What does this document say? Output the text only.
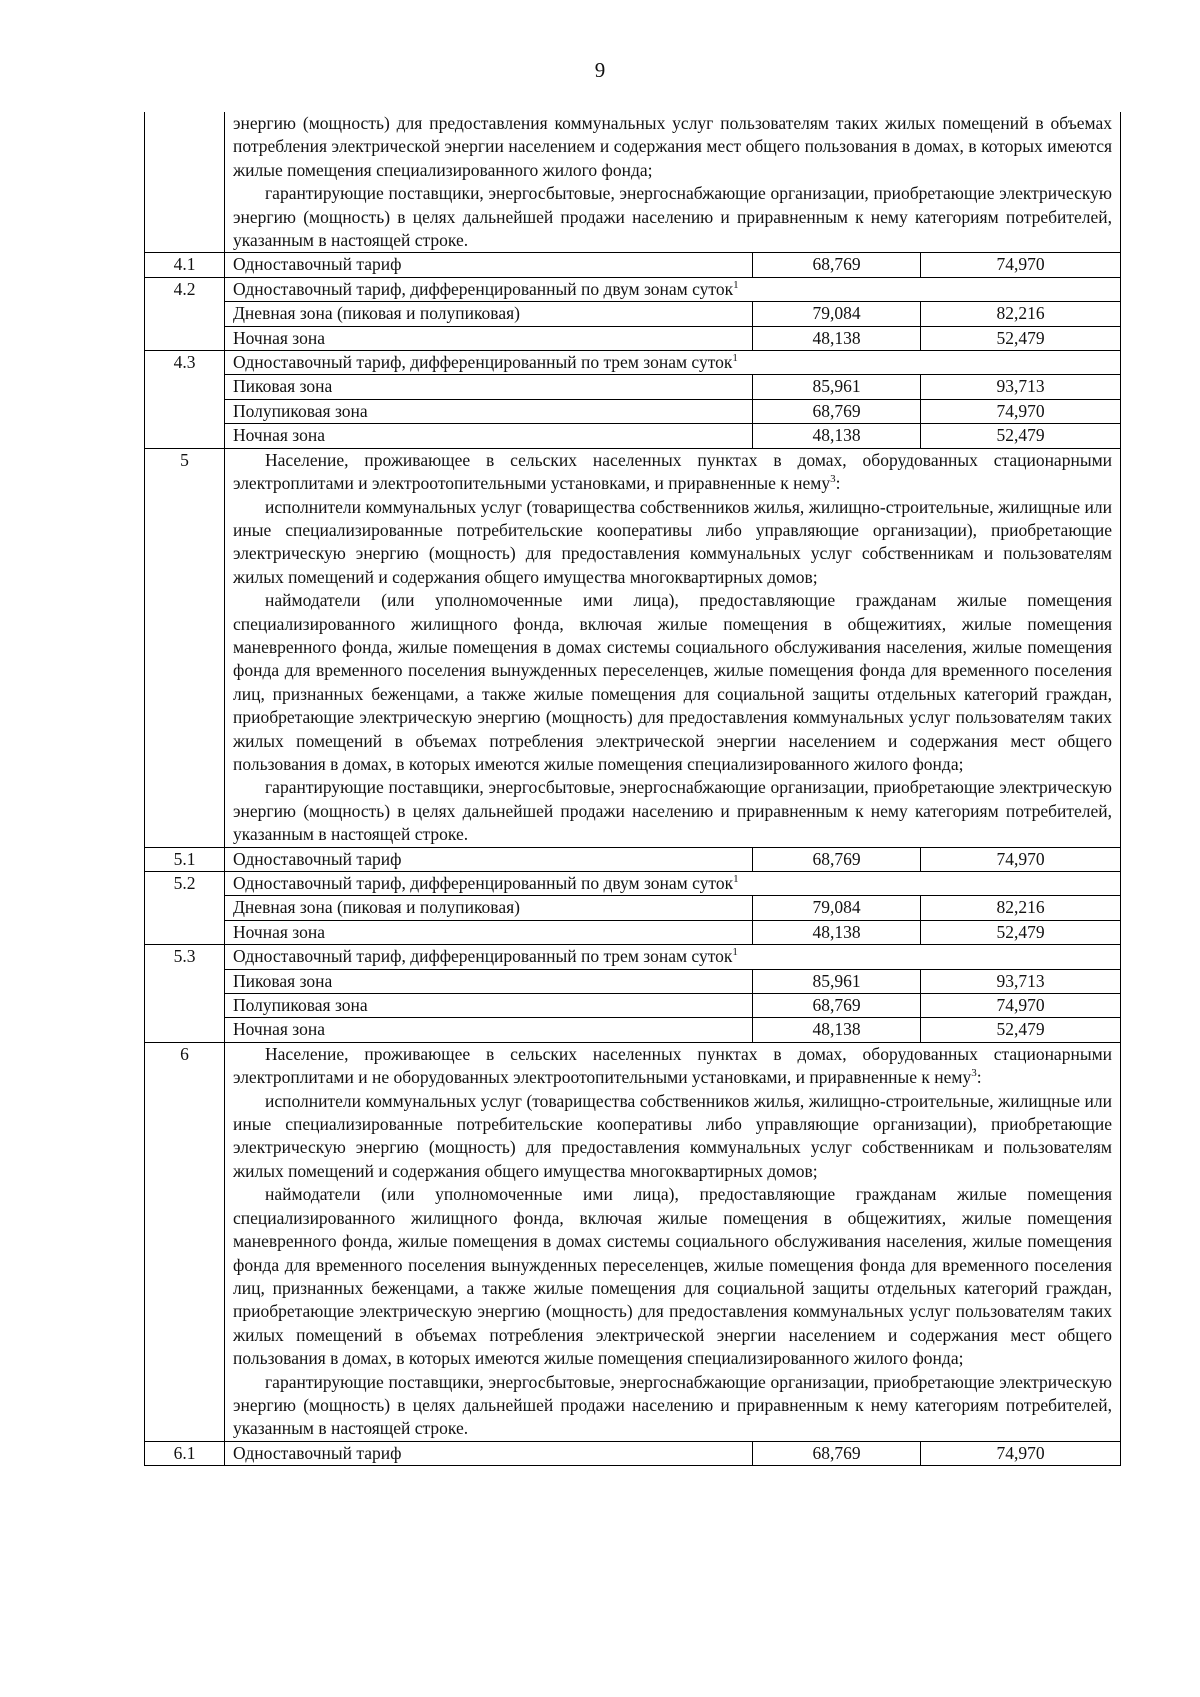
9

	энергию (мощность) для предоставления коммунальных услуг пользователям таких жилых помещений в объемах потребления электрической энергии населением и содержания мест общего пользования в домах, в которых имеются жилые помещения специализированного жилого фонда;

гарантирующие поставщики, энергосбытовые, энергоснабжающие организации, приобретающие электрическую энергию (мощность) в целях дальнейшей продажи населению и приравненным к нему категориям потребителей, указанным в настоящей строке.		

4.1	Одноставочный тариф	68,769	74,970
4.2	Одноставочный тариф, дифференцированный по двум зонам суток$^1$
	Дневная зона (пиковая и полупиковая)	79,084	82,216
	Ночная зона	48,138	52,479
4.3	Одноставочный тариф, дифференцированный по трем зонам суток$^1$
	Пиковая зона	85,961	93,713
	Полупиковая зона	68,769	74,970
	Ночная зона	48,138	52,479
5	Население, проживающее в сельских населенных пунктах в домах, оборудованных стационарными электроплитами и электроотопительными установками, и приравненные к нему$^3$:

исполнители коммунальных услуг (товарищества собственников жилья, жилищно-строительные, жилищные или иные специализированные потребительские кооперативы либо управляющие организации), приобретающие электрическую энергию (мощность) для предоставления коммунальных услуг собственникам и пользователям жилых помещений и содержания общего имущества многоквартирных домов;

наймодатели (или уполномоченные ими лица), предоставляющие гражданам жилые помещения специализированного жилищного фонда, включая жилые помещения в общежитиях, жилые помещения маневренного фонда, жилые помещения в домах системы социального обслуживания населения, жилые помещения фонда для временного поселения вынужденных переселенцев, жилые помещения фонда для временного поселения лиц, признанных беженцами, а также жилые помещения для социальной защиты отдельных категорий граждан, приобретающие электрическую энергию (мощность) для предоставления коммунальных услуг пользователям таких жилых помещений в объемах потребления электрической энергии населением и содержания мест общего пользования в домах, в которых имеются жилые помещения специализированного жилого фонда;

гарантирующие поставщики, энергосбытовые, энергоснабжающие организации, приобретающие электрическую энергию (мощность) в целях дальнейшей продажи населению и приравненным к нему категориям потребителей, указанным в настоящей строке.		

5.1	Одноставочный тариф	68,769	74,970
5.2	Одноставочный тариф, дифференцированный по двум зонам суток$^1$
	Дневная зона (пиковая и полупиковая)	79,084	82,216
	Ночная зона	48,138	52,479
5.3	Одноставочный тариф, дифференцированный по трем зонам суток$^1$
	Пиковая зона	85,961	93,713
	Полупиковая зона	68,769	74,970
	Ночная зона	48,138	52,479
6	Население, проживающее в сельских населенных пунктах в домах, оборудованных стационарными электроплитами и не оборудованных электроотопительными установками, и приравненные к нему$^3$:

исполнители коммунальных услуг (товарищества собственников жилья, жилищно-строительные, жилищные или иные специализированные потребительские кооперативы либо управляющие организации), приобретающие электрическую энергию (мощность) для предоставления коммунальных услуг собственникам и пользователям жилых помещений и содержания общего имущества многоквартирных домов;

наймодатели (или уполномоченные ими лица), предоставляющие гражданам жилые помещения специализированного жилищного фонда, включая жилые помещения в общежитиях, жилые помещения маневренного фонда, жилые помещения в домах системы социального обслуживания населения, жилые помещения фонда для временного поселения вынужденных переселенцев, жилые помещения фонда для временного поселения лиц, признанных беженцами, а также жилые помещения для социальной защиты отдельных категорий граждан, приобретающие электрическую энергию (мощность) для предоставления коммунальных услуг пользователям таких жилых помещений в объемах потребления электрической энергии населением и содержания мест общего пользования в домах, в которых имеются жилые помещения специализированного жилого фонда;

гарантирующие поставщики, энергосбытовые, энергоснабжающие организации, приобретающие электрическую энергию (мощность) в целях дальнейшей продажи населению и приравненным к нему категориям потребителей, указанным в настоящей строке.		

6.1	Одноставочный тариф	68,769	74,970
